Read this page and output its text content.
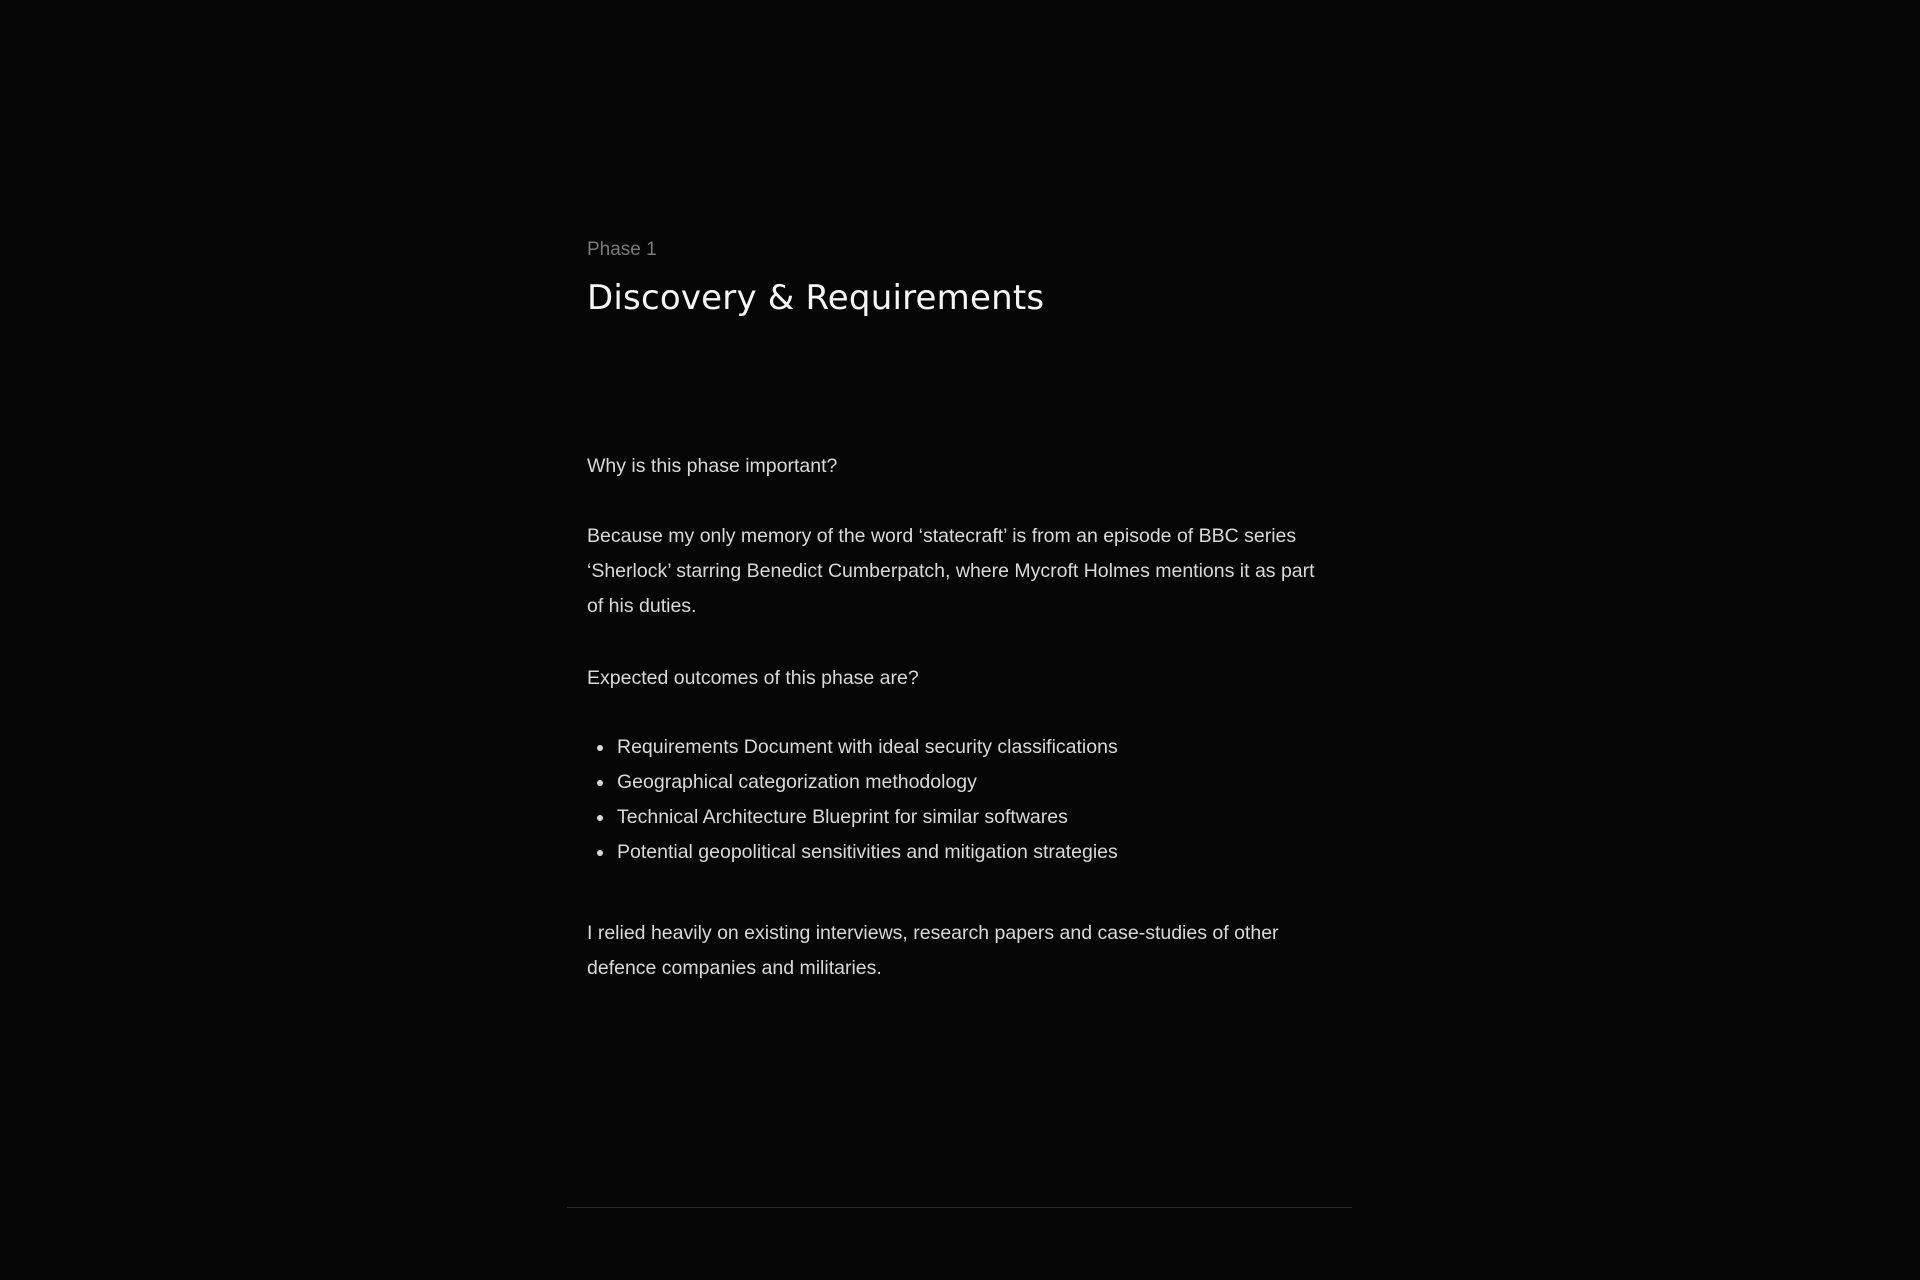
Phase 1

Discovery & Requirements

Why is this phase important?

Because my only memory of the word ‘statecraft’ is from an episode of BBC series ‘Sherlock’ starring Benedict Cumberpatch, where Mycroft Holmes mentions it as part of his duties.

Expected outcomes of this phase are?

Requirements Document with ideal security classifications
Geographical categorization methodology
Technical Architecture Blueprint for similar softwares
Potential geopolitical sensitivities and mitigation strategies

I relied heavily on existing interviews, research papers and case-studies of other defence companies and militaries.
